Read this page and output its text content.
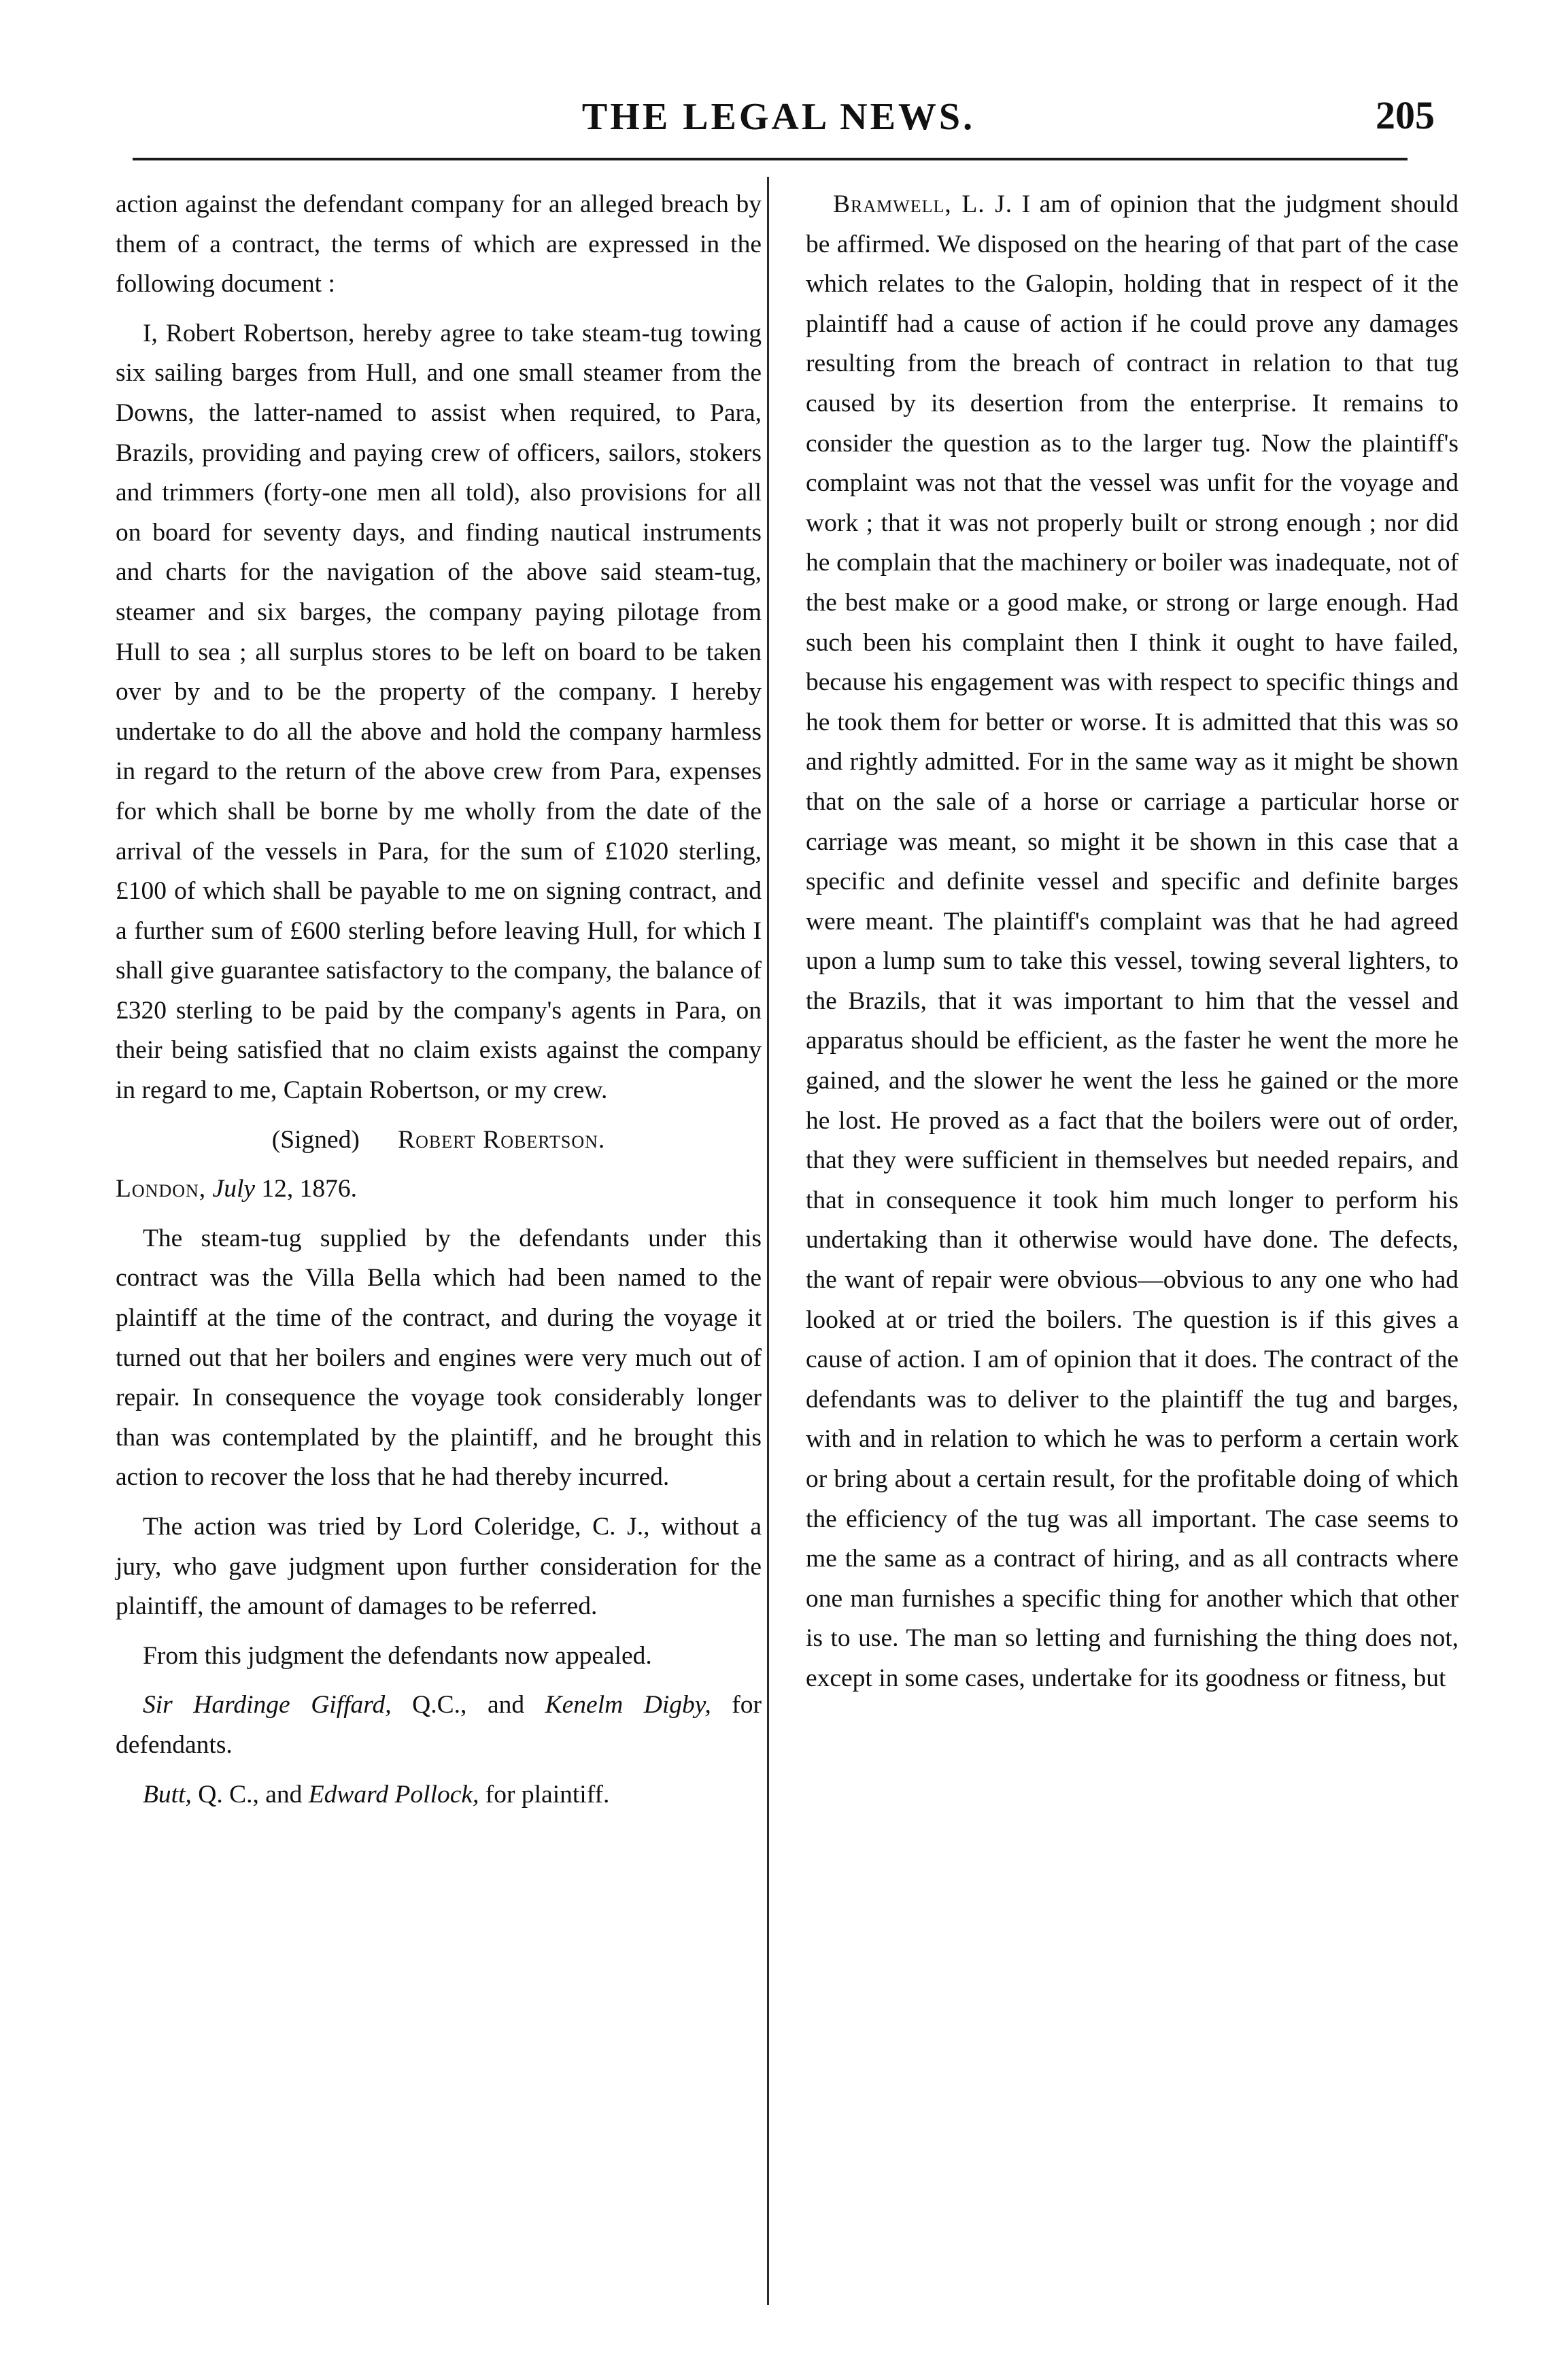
THE LEGAL NEWS.	205

action against the defendant company for an alleged breach by them of a contract, the terms of which are expressed in the following document :

I, Robert Robertson, hereby agree to take steam-tug towing six sailing barges from Hull, and one small steamer from the Downs, the latter-named to assist when required, to Para, Brazils, providing and paying crew of officers, sailors, stokers and trimmers (forty-one men all told), also provisions for all on board for seventy days, and finding nautical instruments and charts for the navigation of the above said steam-tug, steamer and six barges, the company paying pilotage from Hull to sea ; all surplus stores to be left on board to be taken over by and to be the property of the company. I hereby undertake to do all the above and hold the company harmless in regard to the return of the above crew from Para, expenses for which shall be borne by me wholly from the date of the arrival of the vessels in Para, for the sum of £1020 sterling, £100 of which shall be payable to me on signing contract, and a further sum of £600 sterling before leaving Hull, for which I shall give guarantee satisfactory to the company, the balance of £320 sterling to be paid by the company's agents in Para, on their being satisfied that no claim exists against the company in regard to me, Captain Robertson, or my crew.

(Signed) Robert Robertson.

London, July 12, 1876.

The steam-tug supplied by the defendants under this contract was the Villa Bella which had been named to the plaintiff at the time of the contract, and during the voyage it turned out that her boilers and engines were very much out of repair. In consequence the voyage took considerably longer than was contemplated by the plaintiff, and he brought this action to recover the loss that he had thereby incurred.

The action was tried by Lord Coleridge, C. J., without a jury, who gave judgment upon further consideration for the plaintiff, the amount of damages to be referred.

From this judgment the defendants now appealed.

Sir Hardinge Giffard, Q.C., and Kenelm Digby, for defendants.

Butt, Q. C., and Edward Pollock, for plaintiff.

Bramwell, L. J. I am of opinion that the judgment should be affirmed. We disposed on the hearing of that part of the case which relates to the Galopin, holding that in respect of it the plaintiff had a cause of action if he could prove any damages resulting from the breach of contract in relation to that tug caused by its desertion from the enterprise. It remains to consider the question as to the larger tug. Now the plaintiff's complaint was not that the vessel was unfit for the voyage and work ; that it was not properly built or strong enough ; nor did he complain that the machinery or boiler was inadequate, not of the best make or a good make, or strong or large enough. Had such been his complaint then I think it ought to have failed, because his engagement was with respect to specific things and he took them for better or worse. It is admitted that this was so and rightly admitted. For in the same way as it might be shown that on the sale of a horse or carriage a particular horse or carriage was meant, so might it be shown in this case that a specific and definite vessel and specific and definite barges were meant. The plaintiff's complaint was that he had agreed upon a lump sum to take this vessel, towing several lighters, to the Brazils, that it was important to him that the vessel and apparatus should be efficient, as the faster he went the more he gained, and the slower he went the less he gained or the more he lost. He proved as a fact that the boilers were out of order, that they were sufficient in themselves but needed repairs, and that in consequence it took him much longer to perform his undertaking than it otherwise would have done. The defects, the want of repair were obvious—obvious to any one who had looked at or tried the boilers. The question is if this gives a cause of action. I am of opinion that it does. The contract of the defendants was to deliver to the plaintiff the tug and barges, with and in relation to which he was to perform a certain work or bring about a certain result, for the profitable doing of which the efficiency of the tug was all important. The case seems to me the same as a contract of hiring, and as all contracts where one man furnishes a specific thing for another which that other is to use. The man so letting and furnishing the thing does not, except in some cases, undertake for its goodness or fitness, but
